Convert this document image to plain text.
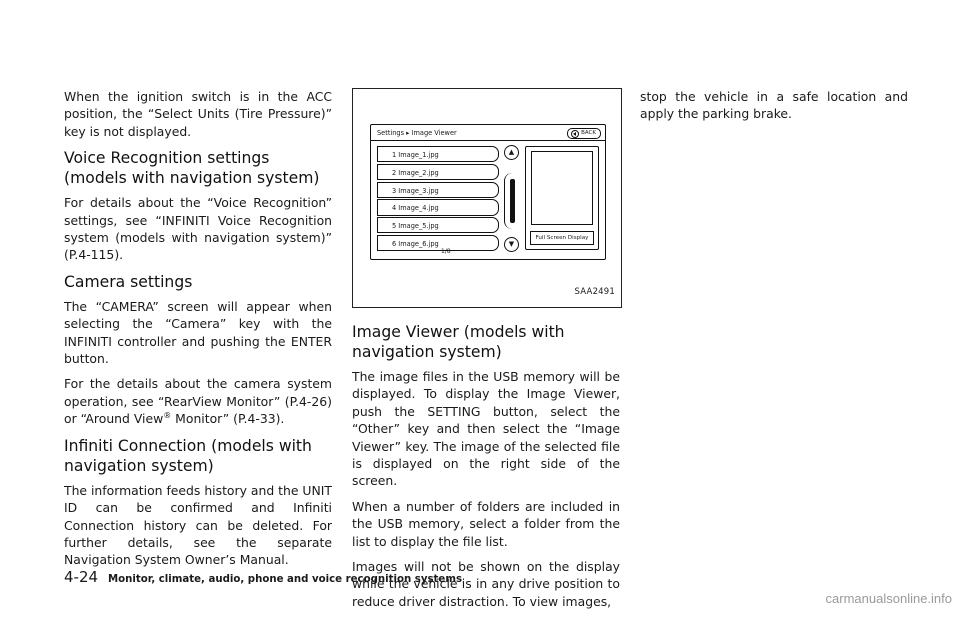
When the ignition switch is in the ACC position, the “Select Units (Tire Pressure)” key is not displayed.

Voice Recognition settings (models with navigation system)

For details about the “Voice Recognition” settings, see “INFINITI Voice Recognition system (models with navigation system)” (P.4-115).

Camera settings

The “CAMERA” screen will appear when selecting the “Camera” key with the INFINITI controller and pushing the ENTER button.

For the details about the camera system operation, see “RearView Monitor” (P.4-26) or “Around View® Monitor” (P.4-33).

Infiniti Connection (models with navigation system)

The information feeds history and the UNIT ID can be confirmed and Infiniti Connection history can be deleted. For further details, see the separate Navigation System Owner’s Manual.

Settings ▸ Image Viewer	BACK
1 Image_1.jpg
2 Image_2.jpg
3 Image_3.jpg
4 Image_4.jpg
5 Image_5.jpg
6 Image_6.jpg
1/8
▲
▼
Full Screen Display
SAA2491
Image Viewer (models with navigation system)

The image files in the USB memory will be displayed. To display the Image Viewer, push the SETTING button, select the “Other” key and then select the “Image Viewer” key. The image of the selected file is displayed on the right side of the screen.

When a number of folders are included in the USB memory, select a folder from the list to display the file list.

Images will not be shown on the display while the vehicle is in any drive position to reduce driver distraction. To view images,

stop the vehicle in a safe location and apply the parking brake.

4-24 Monitor, climate, audio, phone and voice recognition systems
carmanualsonline.info
